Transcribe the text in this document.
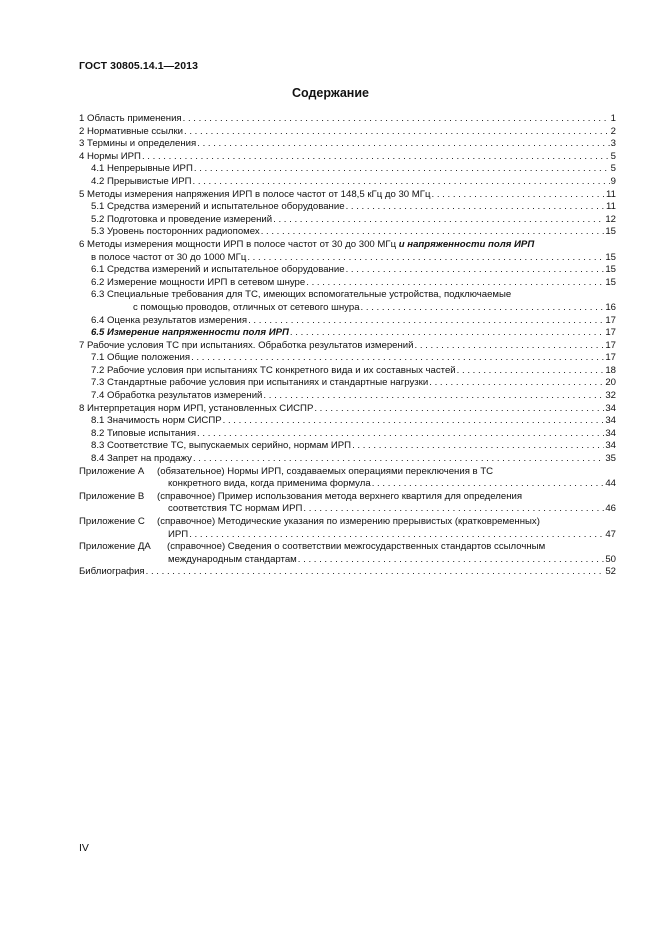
ГОСТ 30805.14.1—2013
Содержание
1 Область применения . . .	1
2 Нормативные ссылки . . .	2
3 Термины и определения . . .	3
4 Нормы ИРП . . .	5
4.1 Непрерывные ИРП . . .	5
4.2 Прерывистые ИРП . . .	9
5 Методы измерения напряжения ИРП в полосе частот от 148,5 кГц до 30 МГц . . .	11
5.1 Средства измерений и испытательное оборудование . . .	11
5.2 Подготовка и проведение измерений . . .	12
5.3 Уровень посторонних радиопомех . . .	15
6 Методы измерения мощности ИРП в полосе частот от 30 до 300 МГц и напряженности поля ИРП
в полосе частот от 30 до 1000 МГц . . .	15
6.1 Средства измерений и испытательное оборудование . . .	15
6.2 Измерение мощности ИРП в сетевом шнуре . . .	15
6.3 Специальные требования для ТС, имеющих вспомогательные устройства, подключаемые
с помощью проводов, отличных от сетевого шнура . . .	16
6.4 Оценка результатов измерения . . .	17
6.5 Измерение напряженности поля ИРП . . .	17
7 Рабочие условия ТС при испытаниях. Обработка результатов измерений . . .	17
7.1 Общие положения . . .	17
7.2 Рабочие условия при испытаниях ТС конкретного вида и их составных частей . . .	18
7.3 Стандартные рабочие условия при испытаниях и стандартные нагрузки . . .	20
7.4 Обработка результатов измерений . . .	32
8 Интерпретация норм ИРП, установленных СИСПР . . .	34
8.1 Значимость норм СИСПР . . .	34
8.2 Типовые испытания . . .	34
8.3 Соответствие ТС, выпускаемых серийно, нормам ИРП . . .	34
8.4 Запрет на продажу . . .	35
Приложение А (обязательное) Нормы ИРП, создаваемых операциями переключения в ТС
конкретного вида, когда применима формула . . .	44
Приложение В (справочное) Пример использования метода верхнего квартиля для определения
соответствия ТС нормам ИРП . . .	46
Приложение С (справочное) Методические указания по измерению прерывистых (кратковременных)
ИРП . . .	47
Приложение ДА (справочное) Сведения о соответствии межгосударственных стандартов ссылочным
международным стандартам . . .	50
Библиография . . .	52
IV
